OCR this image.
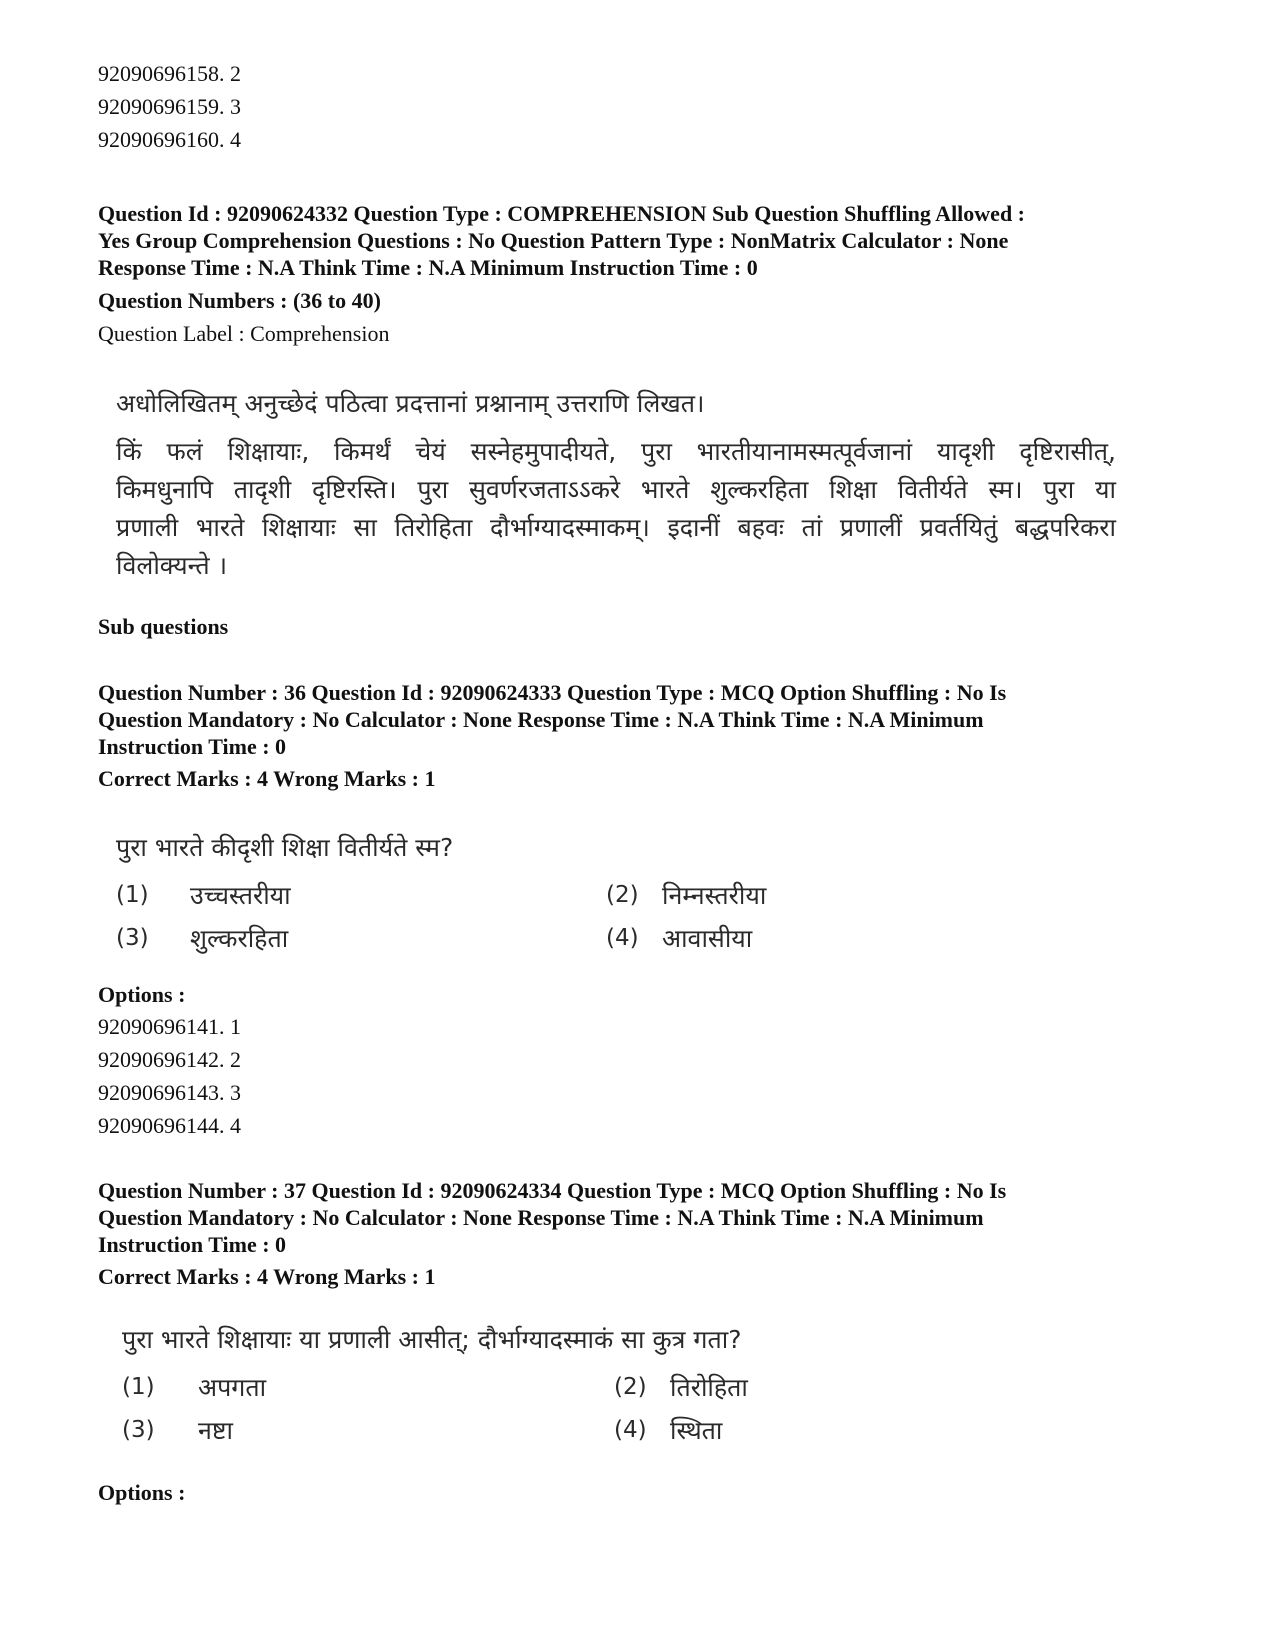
92090696158. 2
92090696159. 3
92090696160. 4
Question Id : 92090624332 Question Type : COMPREHENSION Sub Question Shuffling Allowed :
Yes Group Comprehension Questions : No Question Pattern Type : NonMatrix Calculator : None
Response Time : N.A Think Time : N.A Minimum Instruction Time : 0
Question Numbers : (36 to 40)
Question Label : Comprehension
अधोलिखितम् अनुच्छेदं पठित्वा प्रदत्तानां प्रश्नानाम् उत्तराणि लिखत।
किं फलं शिक्षायाः, किमर्थं चेयं सस्नेहमुपादीयते, पुरा भारतीयानामस्मत्पूर्वजानां यादृशी दृष्टिरासीत्,
किमधुनापि तादृशी दृष्टिरस्ति। पुरा सुवर्णरजताऽऽकरे भारते शुल्करहिता शिक्षा वितीर्यते स्म। पुरा या
प्रणाली भारते शिक्षायाः सा तिरोहिता दौर्भाग्यादस्माकम्। इदानीं बहवः तां प्रणालीं प्रवर्तयितुं बद्धपरिकरा
विलोक्यन्ते ।
Sub questions
Question Number : 36 Question Id : 92090624333 Question Type : MCQ Option Shuffling : No Is
Question Mandatory : No Calculator : None Response Time : N.A Think Time : N.A Minimum
Instruction Time : 0
Correct Marks : 4 Wrong Marks : 1
पुरा भारते कीदृशी शिक्षा वितीर्यते स्म?
(1) उच्चस्तरीया	(2) निम्नस्तरीया
(3) शुल्करहिता	(4) आवासीया
Options :
92090696141. 1
92090696142. 2
92090696143. 3
92090696144. 4
Question Number : 37 Question Id : 92090624334 Question Type : MCQ Option Shuffling : No Is
Question Mandatory : No Calculator : None Response Time : N.A Think Time : N.A Minimum
Instruction Time : 0
Correct Marks : 4 Wrong Marks : 1
पुरा भारते शिक्षायाः या प्रणाली आसीत्; दौर्भाग्यादस्माकं सा कुत्र गता?
(1) अपगता	(2) तिरोहिता
(3) नष्टा	(4) स्थिता
Options :
